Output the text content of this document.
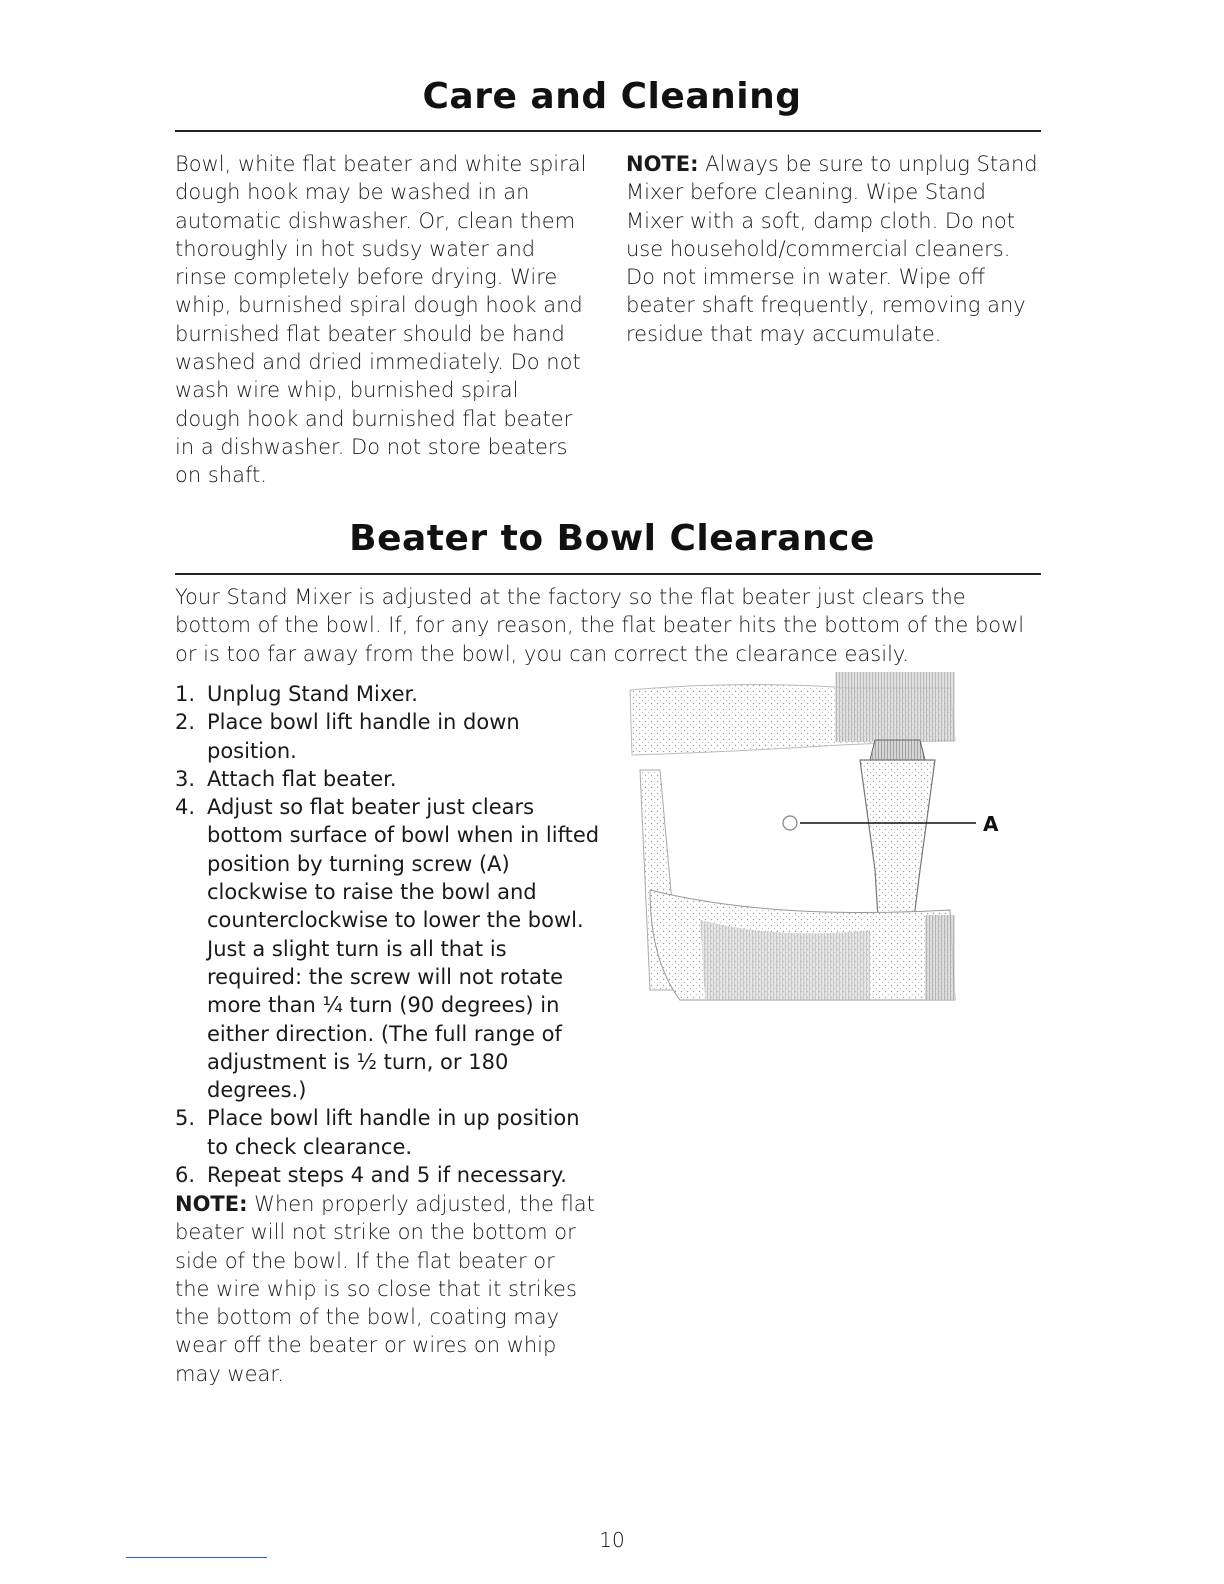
Care and Cleaning

Bowl, white flat beater and white spiral dough hook may be washed in an automatic dishwasher. Or, clean them thoroughly in hot sudsy water and rinse completely before drying. Wire whip, burnished spiral dough hook and burnished flat beater should be hand washed and dried immediately. Do not wash wire whip, burnished spiral dough hook and burnished flat beater in a dishwasher. Do not store beaters on shaft.

NOTE: Always be sure to unplug Stand Mixer before cleaning. Wipe Stand Mixer with a soft, damp cloth. Do not use household/commercial cleaners. Do not immerse in water. Wipe off beater shaft frequently, removing any residue that may accumulate.

Beater to Bowl Clearance

Your Stand Mixer is adjusted at the factory so the flat beater just clears the bottom of the bowl. If, for any reason, the flat beater hits the bottom of the bowl or is too far away from the bowl, you can correct the clearance easily.

1. Unplug Stand Mixer.
2. Place bowl lift handle in down position.
3. Attach flat beater.
4. Adjust so flat beater just clears bottom surface of bowl when in lifted position by turning screw (A) clockwise to raise the bowl and counterclockwise to lower the bowl. Just a slight turn is all that is required: the screw will not rotate more than ¼ turn (90 degrees) in either direction. (The full range of adjustment is ½ turn, or 180 degrees.)
5. Place bowl lift handle in up position to check clearance.
6. Repeat steps 4 and 5 if necessary.

NOTE: When properly adjusted, the flat beater will not strike on the bottom or side of the bowl. If the flat beater or the wire whip is so close that it strikes the bottom of the bowl, coating may wear off the beater or wires on whip may wear.

A
10
